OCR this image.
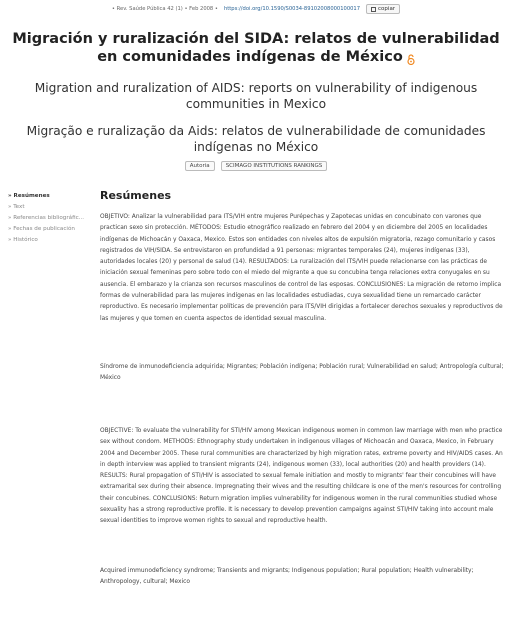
• Rev. Saúde Pública 42 (1) • Feb 2008 • https://doi.org/10.1590/S0034-89102008000100017	copiar
Migración y ruralización del SIDA: relatos de vulnerabilidad en comunidades indígenas de México
Migration and ruralization of AIDS: reports on vulnerability of indigenous communities in Mexico
Migração e ruralização da Aids: relatos de vulnerabilidade de comunidades indígenas no México
Autoria	SCIMAGO INSTITUTIONS RANKINGS
» Resúmenes
» Text
» Referencias bibliográfic...
» Fechas de publicación
» Histórico
Resúmenes

OBJETIVO: Analizar la vulnerabilidad para ITS/VIH entre mujeres Purépechas y Zapotecas unidas en concubinato con varones que practican sexo sin protección. MÉTODOS: Estudio etnográfico realizado en febrero del 2004 y en diciembre del 2005 en localidades indígenas de Michoacán y Oaxaca, Mexico. Estos son entidades con niveles altos de expulsión migratoria, rezago comunitario y casos registrados de VIH/SIDA. Se entrevistaron en profundidad a 91 personas: migrantes temporales (24), mujeres indígenas (33), autoridades locales (20) y personal de salud (14). RESULTADOS: La ruralización del ITS/VIH puede relacionarse con las prácticas de iniciación sexual femeninas pero sobre todo con el miedo del migrante a que su concubina tenga relaciones extra conyugales en su ausencia. El embarazo y la crianza son recursos masculinos de control de las esposas. CONCLUSIONES: La migración de retorno implica formas de vulnerabilidad para las mujeres indígenas en las localidades estudiadas, cuya sexualidad tiene un remarcado carácter reproductivo. Es necesario implementar políticas de prevención para ITS/VIH dirigidas a fortalecer derechos sexuales y reproductivos de las mujeres y que tomen en cuenta aspectos de identidad sexual masculina.

Síndrome de inmunodeficiencia adquirida; Migrantes; Población indígena; Población rural; Vulnerabilidad en salud; Antropología cultural; México

OBJECTIVE: To evaluate the vulnerability for STI/HIV among Mexican indigenous women in common law marriage with men who practice sex without condom. METHODS: Ethnography study undertaken in indigenous villages of Michoacán and Oaxaca, Mexico, in February 2004 and December 2005. These rural communities are characterized by high migration rates, extreme poverty and HIV/AIDS cases. An in depth interview was applied to transient migrants (24), indigenous women (33), local authorities (20) and health providers (14). RESULTS: Rural propagation of STI/HIV is associated to sexual female initiation and mostly to migrants' fear their concubines will have extramarital sex during their absence. Impregnating their wives and the resulting childcare is one of the men's resources for controlling their concubines. CONCLUSIONS: Return migration implies vulnerability for indigenous women in the rural communities studied whose sexuality has a strong reproductive profile. It is necessary to develop prevention campaigns against STI/HIV taking into account male sexual identities to improve women rights to sexual and reproductive health.

Acquired immunodeficiency syndrome; Transients and migrants; Indigenous population; Rural population; Health vulnerability; Anthropology, cultural; Mexico
